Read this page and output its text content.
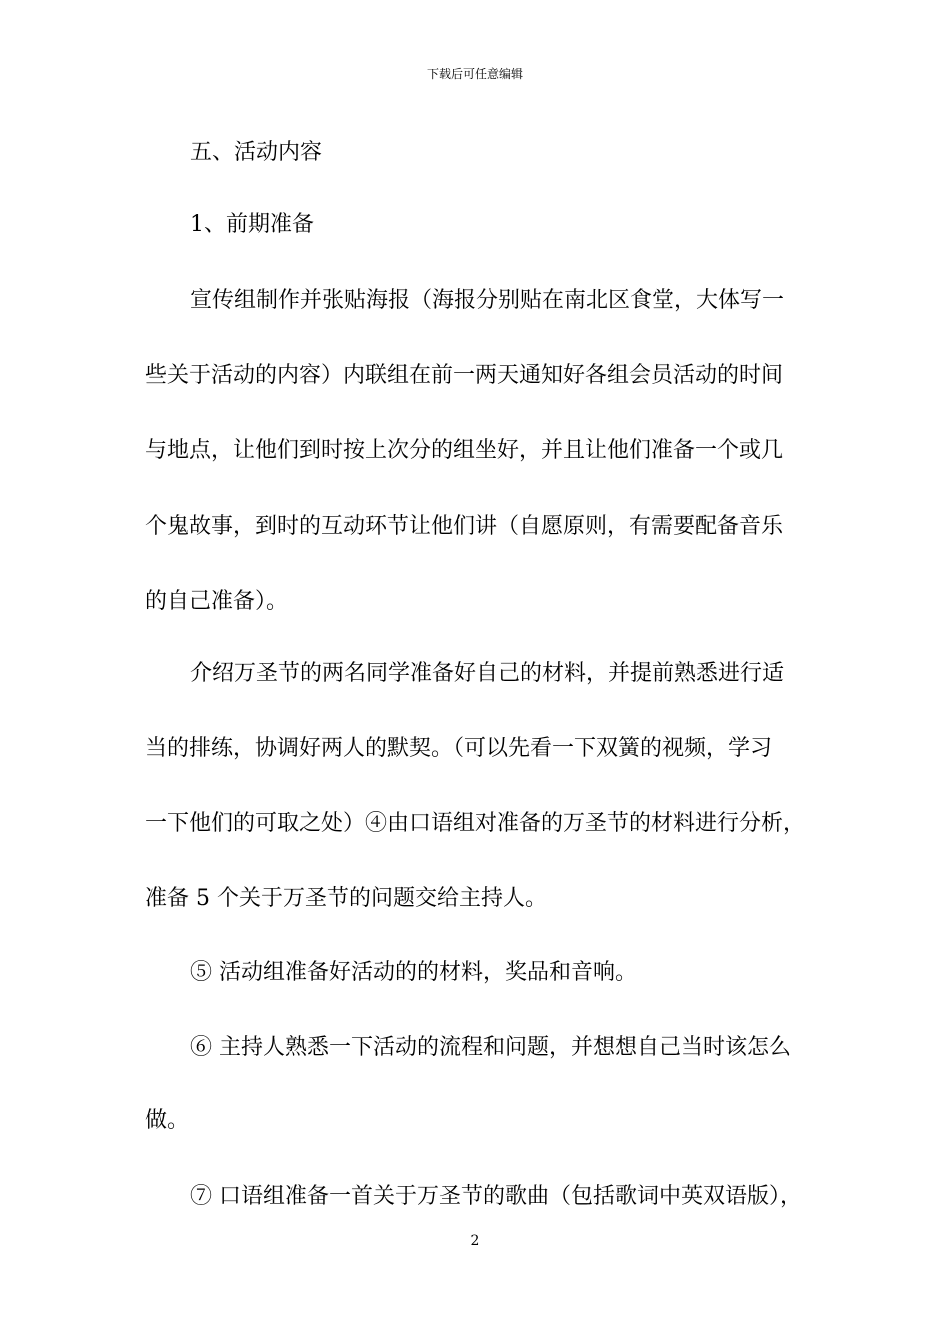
下载后可任意编辑
五、活动内容
1、前期准备
宣传组制作并张贴海报（海报分别贴在南北区食堂，大体写一
些关于活动的内容）内联组在前一两天通知好各组会员活动的时间
与地点，让他们到时按上次分的组坐好，并且让他们准备一个或几
个鬼故事，到时的互动环节让他们讲（自愿原则，有需要配备音乐
的自己准备）。
介绍万圣节的两名同学准备好自己的材料，并提前熟悉进行适
当的排练，协调好两人的默契。（可以先看一下双簧的视频，学习
一下他们的可取之处）④由口语组对准备的万圣节的材料进行分析，
准备 5 个关于万圣节的问题交给主持人。
⑤ 活动组准备好活动的的材料，奖品和音响。
⑥ 主持人熟悉一下活动的流程和问题，并想想自己当时该怎么
做。
⑦ 口语组准备一首关于万圣节的歌曲（包括歌词中英双语版），
2
